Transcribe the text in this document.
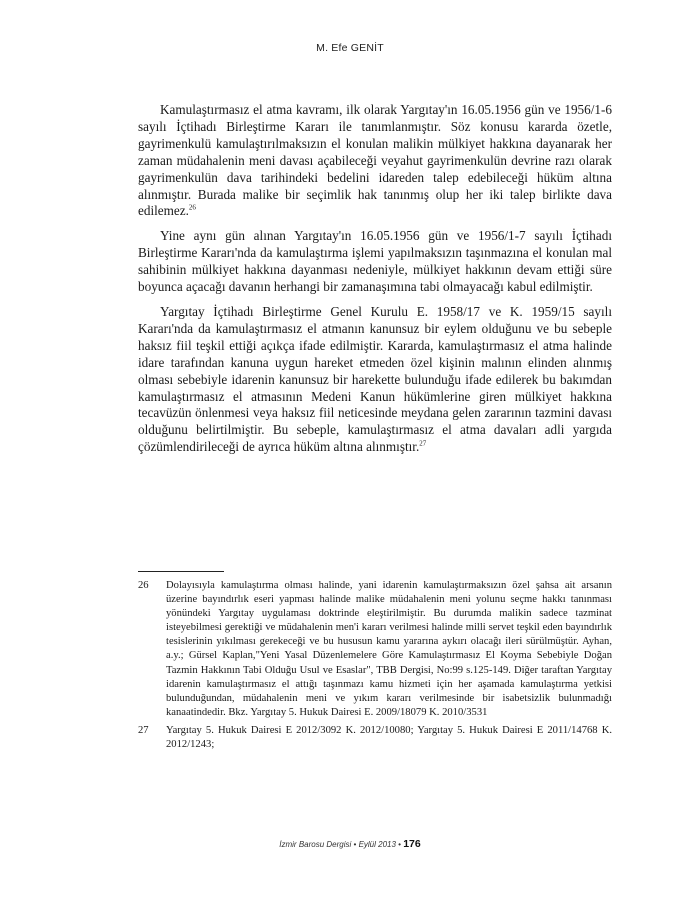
M. Efe GENİT

Kamulaştırmasız el atma kavramı, ilk olarak Yargıtay'ın 16.05.1956 gün ve 1956/1-6 sayılı İçtihadı Birleştirme Kararı ile tanımlanmıştır. Söz konusu kararda özetle, gayrimenkulü kamulaştırılmaksızın el konulan malikin mülkiyet hakkına dayanarak her zaman müdahalenin meni davası açabileceği veyahut gayrimenkulün devrine razı olarak gayrimenkulün dava tarihindeki bedelini idareden talep edebileceği hüküm altına alınmıştır. Burada malike bir seçimlik hak tanınmış olup her iki talep birlikte dava edilemez.$^{26}$

Yine aynı gün alınan Yargıtay'ın 16.05.1956 gün ve 1956/1-7 sayılı İçtihadı Birleştirme Kararı'nda da kamulaştırma işlemi yapılmaksızın taşınmazına el konulan mal sahibinin mülkiyet hakkına dayanması nedeniyle, mülkiyet hakkının devam ettiği süre boyunca açacağı davanın herhangi bir zamanaşımına tabi olmayacağı kabul edilmiştir.

Yargıtay İçtihadı Birleştirme Genel Kurulu E. 1958/17 ve K. 1959/15 sayılı Kararı'nda da kamulaştırmasız el atmanın kanunsuz bir eylem olduğunu ve bu sebeple haksız fiil teşkil ettiği açıkça ifade edilmiştir. Kararda, kamulaştırmasız el atma halinde idare tarafından kanuna uygun hareket etmeden özel kişinin malının elinden alınmış olması sebebiyle idarenin kanunsuz bir harekette bulunduğu ifade edilerek bu bakımdan kamulaştırmasız el atmasının Medeni Kanun hükümlerine giren mülkiyet hakkına tecavüzün önlenmesi veya haksız fiil neticesinde meydana gelen zararının tazmini davası olduğunu belirtilmiştir. Bu sebeple, kamulaştırmasız el atma davaları adli yargıda çözümlendirileceği de ayrıca hüküm altına alınmıştır.$^{27}$

26	Dolayısıyla kamulaştırma olması halinde, yani idarenin kamulaştırmaksızın özel şahsa ait arsanın üzerine bayındırlık eseri yapması halinde malike müdahalenin meni yolunu seçme hakkı tanınması yönündeki Yargıtay uygulaması doktrinde eleştirilmiştir. Bu durumda malikin sadece tazminat isteyebilmesi gerektiği ve müdahalenin men'i kararı verilmesi halinde milli servet teşkil eden bayındırlık tesislerinin yıkılması gerekeceği ve bu hususun kamu yararına aykırı olacağı ileri sürülmüştür. Ayhan, a.y.; Gürsel Kaplan,"Yeni Yasal Düzenlemelere Göre Kamulaştırmasız El Koyma Sebebiyle Doğan Tazmin Hakkının Tabi Olduğu Usul ve Esaslar", TBB Dergisi, No:99 s.125-149. Diğer taraftan Yargıtay idarenin kamulaştırmasız el attığı taşınmazı kamu hizmeti için her aşamada kamulaştırma yetkisi bulunduğundan, müdahalenin meni ve yıkım kararı verilmesinde bir isabetsizlik bulunmadığı kanaatindedir. Bkz. Yargıtay 5. Hukuk Dairesi E. 2009/18079 K. 2010/3531
27	Yargıtay 5. Hukuk Dairesi E 2012/3092 K. 2012/10080; Yargıtay 5. Hukuk Dairesi E 2011/14768 K. 2012/1243;
İzmir Barosu Dergisi • Eylül 2013 • 176
